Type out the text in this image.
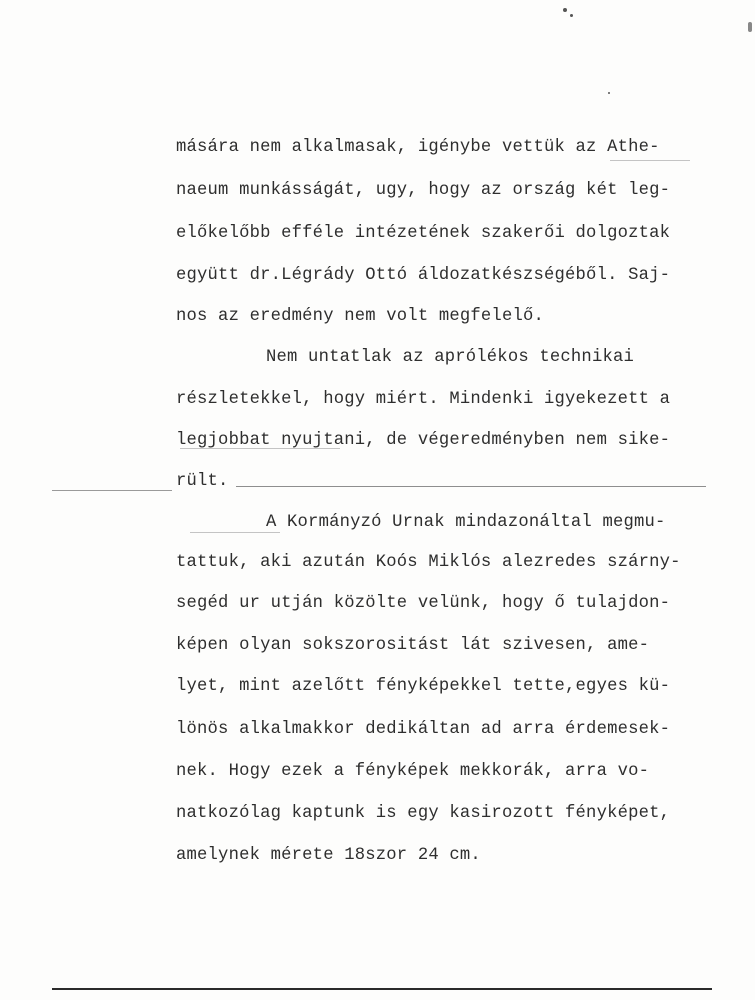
mására nem alkalmasak, igénybe vettük az Athe-
naeum munkásságát, ugy, hogy az ország két leg-
előkelőbb efféle intézetének szakerői dolgoztak
együtt dr.Légrády Ottó áldozatkészségéből. Saj-
nos az eredmény nem volt megfelelő.
Nem untatlak az aprólékos technikai
részletekkel, hogy miért. Mindenki igyekezett a
legjobbat nyujtani, de végeredményben nem sike-
rült.
A Kormányzó Urnak mindazonáltal megmu-
tattuk, aki azután Koós Miklós alezredes szárny-
segéd ur utján közölte velünk, hogy ő tulajdon-
képen olyan sokszorositást lát szivesen, ame-
lyet, mint azelőtt fényképekkel tette,egyes kü-
lönös alkalmakkor dedikáltan ad arra érdemesek-
nek. Hogy ezek a fényképek mekkorák, arra vo-
natkozólag kaptunk is egy kasirozott fényképet,
amelynek mérete 18szor 24 cm.
